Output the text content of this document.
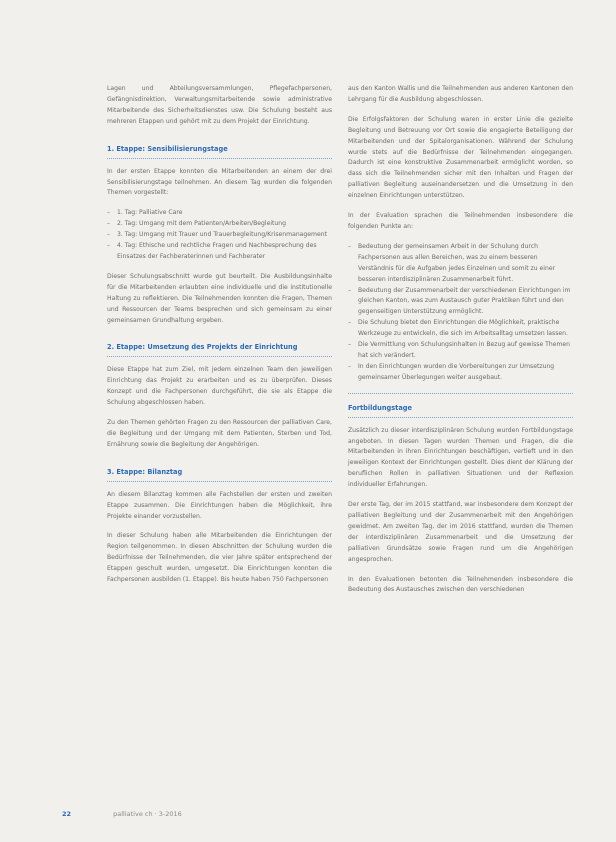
Lagen und Abteilungsversammlungen, Pflegefachpersonen, Gefängnisdirektion, Verwaltungsmitarbeitende sowie administrative Mitarbeitende des Sicherheitsdienstes usw. Die Schulung besteht aus mehreren Etappen und gehört mit zu dem Projekt der Einrichtung.

1. Etappe: Sensibilisierungstage

In der ersten Etappe konnten die Mitarbeitenden an einem der drei Sensibilisierungstage teilnehmen. An diesem Tag wurden die folgenden Themen vorgestellt:

– 1. Tag: Palliative Care
– 2. Tag: Umgang mit dem Patienten/Arbeiten/Begleitung
– 3. Tag: Umgang mit Trauer und Trauerbegleitung/Krisenmanagement
– 4. Tag: Ethische und rechtliche Fragen und Nachbesprechung des Einsatzes der Fachberaterinnen und Fachberater

Dieser Schulungsabschnitt wurde gut beurteilt. Die Ausbildungsinhalte für die Mitarbeitenden erlaubten eine individuelle und die institutionelle Haltung zu reflektieren. Die Teilnehmenden konnten die Fragen, Themen und Ressourcen der Teams besprechen und sich gemeinsam zu einer gemeinsamen Grundhaltung ergeben.

2. Etappe: Umsetzung des Projekts der Einrichtung

Diese Etappe hat zum Ziel, mit jedem einzelnen Team den jeweiligen Einrichtung das Projekt zu erarbeiten und es zu überprüfen. Dieses Konzept und die Fachpersonen durchgeführt, die sie als Etappe die Schulung abgeschlossen haben.

Zu den Themen gehörten Fragen zu den Ressourcen der palliativen Care, die Begleitung und der Umgang mit dem Patienten, Sterben und Tod, Ernährung sowie die Begleitung der Angehörigen.

3. Etappe: Bilanztag

An diesem Bilanztag kommen alle Fachstellen der ersten und zweiten Etappe zusammen. Die Einrichtungen haben die Möglichkeit, ihre Projekte einander vorzustellen.

In dieser Schulung haben alle Mitarbeitenden die Einrichtungen der Region teilgenommen. In diesen Abschnitten der Schulung wurden die Bedürfnisse der Teilnehmenden, die vier Jahre später entsprechend der Etappen geschult wurden, umgesetzt. Die Einrichtungen konnten die Fachpersonen ausbilden (1. Etappe). Bis heute haben 750 Fachpersonen

aus den Kanton Wallis und die Teilnehmenden aus anderen Kantonen den Lehrgang für die Ausbildung abgeschlossen.

Die Erfolgsfaktoren der Schulung waren in erster Linie die gezielte Begleitung und Betreuung vor Ort sowie die engagierte Beteiligung der Mitarbeitenden und der Spitalorganisationen. Während der Schulung wurde stets auf die Bedürfnisse der Teilnehmenden eingegangen. Dadurch ist eine konstruktive Zusammenarbeit ermöglicht worden, so dass sich die Teilnehmenden sicher mit den Inhalten und Fragen der palliativen Begleitung auseinandersetzen und die Umsetzung in den einzelnen Einrichtungen unterstützen.

In der Evaluation sprachen die Teilnehmenden insbesondere die folgenden Punkte an:

– Bedeutung der gemeinsamen Arbeit in der Schulung durch Fachpersonen aus allen Bereichen, was zu einem besseren Verständnis für die Aufgaben jedes Einzelnen und somit zu einer besseren interdisziplinären Zusammenarbeit führt.
– Bedeutung der Zusammenarbeit der verschiedenen Einrichtungen im gleichen Kanton, was zum Austausch guter Praktiken führt und den gegenseitigen Unterstützung ermöglicht.
– Die Schulung bietet den Einrichtungen die Möglichkeit, praktische Werkzeuge zu entwickeln, die sich im Arbeitsalltag umsetzen lassen.
– Die Vermittlung von Schulungsinhalten in Bezug auf gewisse Themen hat sich verändert.
– In den Einrichtungen wurden die Vorbereitungen zur Umsetzung gemeinsamer Überlegungen weiter ausgebaut.
Fortbildungstage

Zusätzlich zu dieser interdisziplinären Schulung wurden Fortbildungstage angeboten. In diesen Tagen wurden Themen und Fragen, die die Mitarbeitenden in ihren Einrichtungen beschäftigen, vertieft und in den jeweiligen Kontext der Einrichtungen gestellt. Dies dient der Klärung der beruflichen Rollen in palliativen Situationen und der Reflexion individueller Erfahrungen.

Der erste Tag, der im 2015 stattfand, war insbesondere dem Konzept der palliativen Begleitung und der Zusammenarbeit mit den Angehörigen gewidmet. Am zweiten Tag, der im 2016 stattfand, wurden die Themen der interdisziplinären Zusammenarbeit und die Umsetzung der palliativen Grundsätze sowie Fragen rund um die Angehörigen angesprochen.

In den Evaluationen betonten die Teilnehmenden insbesondere die Bedeutung des Austausches zwischen den verschiedenen

22	palliative ch · 3-2016
